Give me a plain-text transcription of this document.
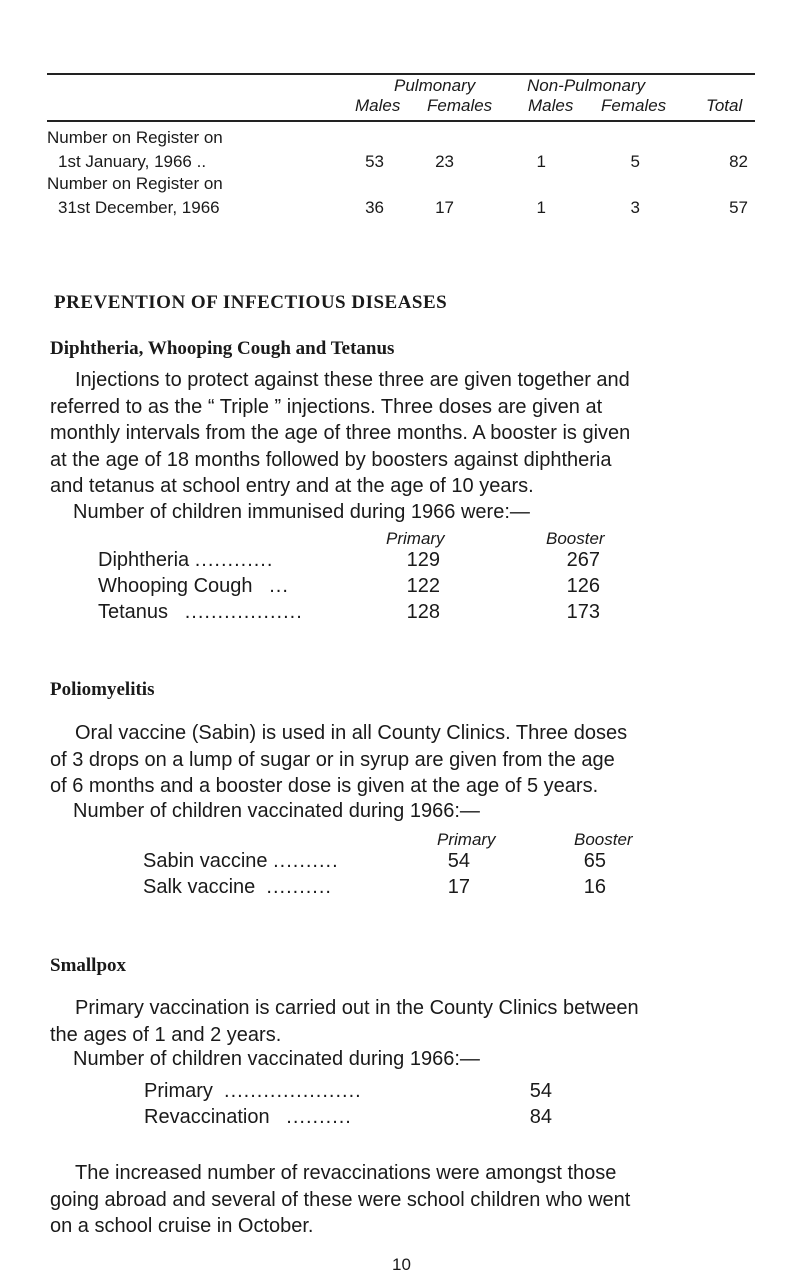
Pulmonary	Non-Pulmonary
Males Females Males Females Total
Number on Register on
1st January, 1966 ..	53	23	1	5	82
Number on Register on
31st December, 1966	36	17	1	3	57
PREVENTION OF INFECTIOUS DISEASES
Diphtheria, Whooping Cough and Tetanus

Injections to protect against these three are given together and

referred to as the “ Triple ” injections. Three doses are given at

monthly intervals from the age of three months. A booster is given

at the age of 18 months followed by boosters against diphtheria

and tetanus at school entry and at the age of 10 years.

Number of children immunised during 1966 were:—
Primary	Booster
Diphtheria ............	129	267
Whooping Cough ...	122	126
Tetanus ..................	128	173
Poliomyelitis

Oral vaccine (Sabin) is used in all County Clinics. Three doses

of 3 drops on a lump of sugar or in syrup are given from the age

of 6 months and a booster dose is given at the age of 5 years.

Number of children vaccinated during 1966:—
Primary	Booster
Sabin vaccine ..........	54	65
Salk vaccine ..........	17	16
Smallpox

Primary vaccination is carried out in the County Clinics between

the ages of 1 and 2 years.

Number of children vaccinated during 1966:—
Primary .....................	54
Revaccination ..........	84

The increased number of revaccinations were amongst those

going abroad and several of these were school children who went

on a school cruise in October.

10
